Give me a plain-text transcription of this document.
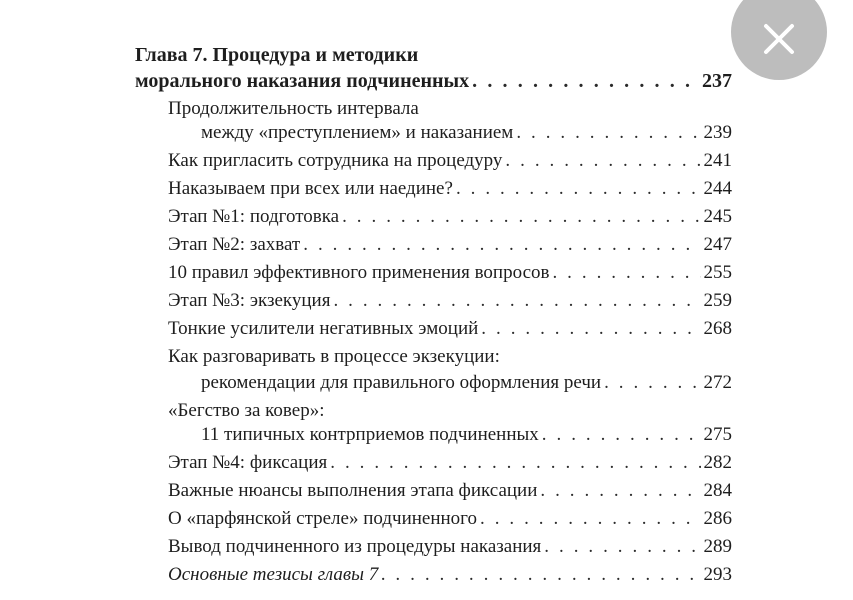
Глава 7. Процедура и методики
морального наказания подчиненных . . .	237
Продолжительность интервала
между «преступлением» и наказанием . . .	239
Как пригласить сотрудника на процедуру . . .	241
Наказываем при всех или наедине? . . .	244
Этап №1: подготовка . . .	245
Этап №2: захват . . .	247
10 правил эффективного применения вопросов . . .	255
Этап №3: экзекуция . . .	259
Тонкие усилители негативных эмоций . . .	268
Как разговаривать в процессе экзекуции:
рекомендации для правильного оформления речи . . .	272
«Бегство за ковер»:
11 типичных контрприемов подчиненных . . .	275
Этап №4: фиксация . . .	282
Важные нюансы выполнения этапа фиксации . . .	284
О «парфянской стреле» подчиненного . . .	286
Вывод подчиненного из процедуры наказания . . .	289
Основные тезисы главы 7 . . .	293
